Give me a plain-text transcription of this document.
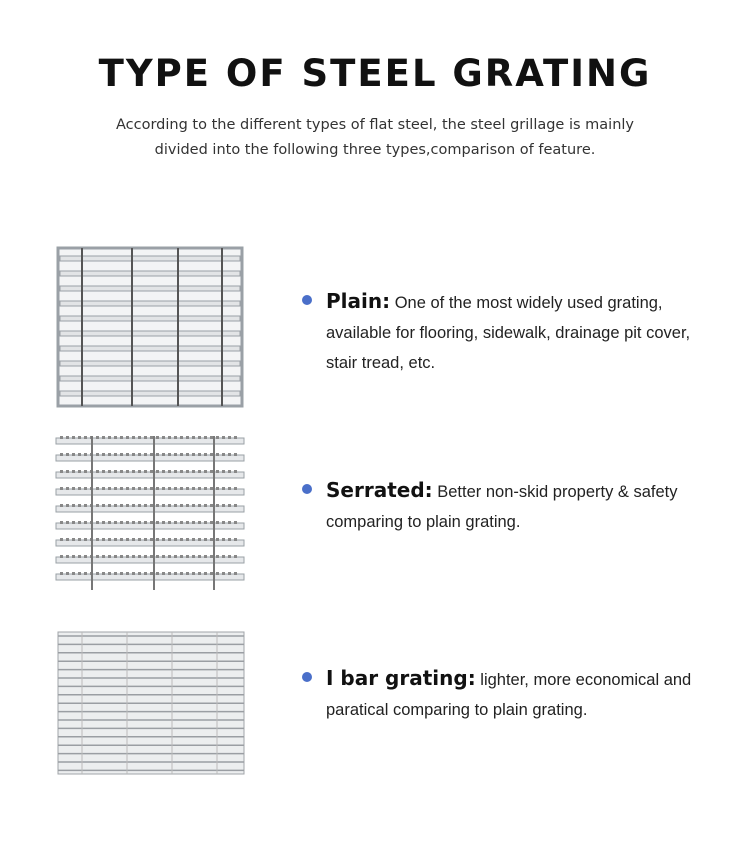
TYPE OF STEEL GRATING
According to the different types of flat steel, the steel grillage is mainly
divided into the following three types,comparison of feature.
Plain: One of the most widely used grating, available for flooring, sidewalk, drainage pit cover, stair tread, etc.
Serrated: Better non-skid property & safety comparing to plain grating.
I bar grating: lighter, more economical and paratical comparing to plain grating.
